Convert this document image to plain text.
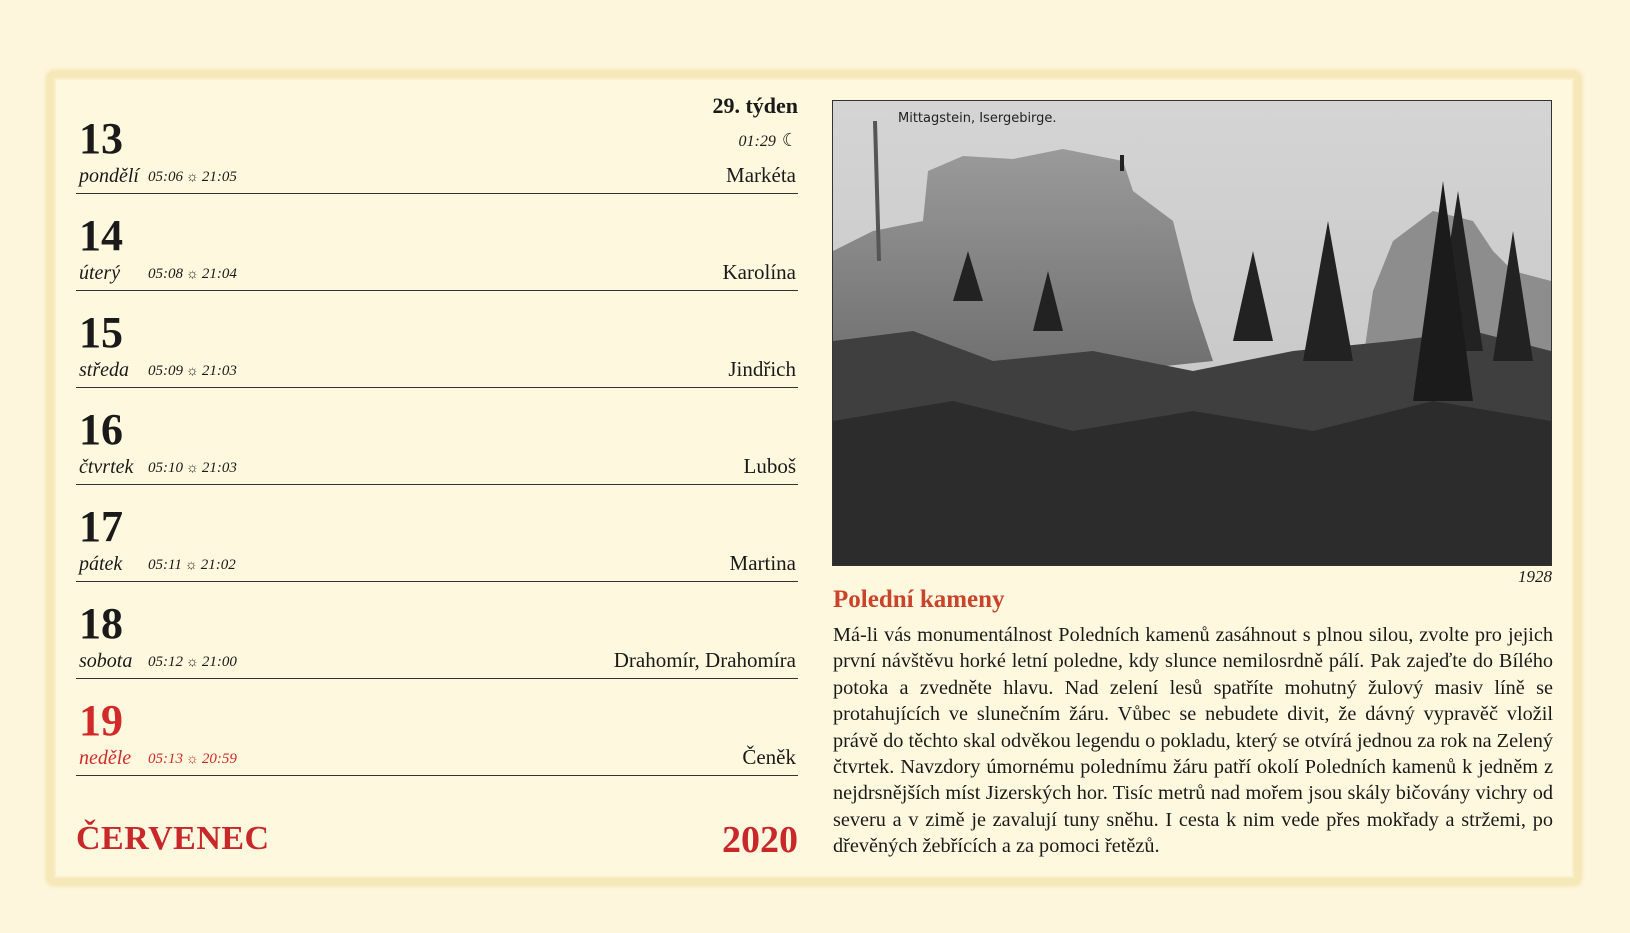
29. týden
01:29 ☾
13
pondělí 05:06 ☼ 21:05	Markéta
14
úterý 05:08 ☼ 21:04	Karolína
15
středa 05:09 ☼ 21:03	Jindřich
16
čtvrtek 05:10 ☼ 21:03	Luboš
17
pátek 05:11 ☼ 21:02	Martina
18
sobota 05:12 ☼ 21:00	Drahomír, Drahomíra
19
neděle 05:13 ☼ 20:59	Čeněk
ČERVENEC	2020
Mittagstein, Isergebirge.
1928
Polední kameny
Má-li vás monumentálnost Poledních kamenů zasáhnout s plnou silou, zvolte pro jejich první návštěvu horké letní poledne, kdy slunce nemilosrdně pálí. Pak zajeďte do Bílého potoka a zvedněte hlavu. Nad zelení lesů spatříte mohutný žulový masiv líně se protahujících ve slunečním žáru. Vůbec se nebudete divit, že dávný vypravěč vložil právě do těchto skal odvěkou legendu o pokladu, který se otvírá jednou za rok na Zelený čtvrtek. Navzdory úmornému polednímu žáru patří okolí Poledních kamenů k jedněm z nejdrsnějších míst Jizerských hor. Tisíc metrů nad mořem jsou skály bičovány vichry od severu a v zimě je zavalují tuny sněhu. I cesta k nim vede přes mokřady a stržemi, po dřevěných žebřících a za pomoci řetězů.
